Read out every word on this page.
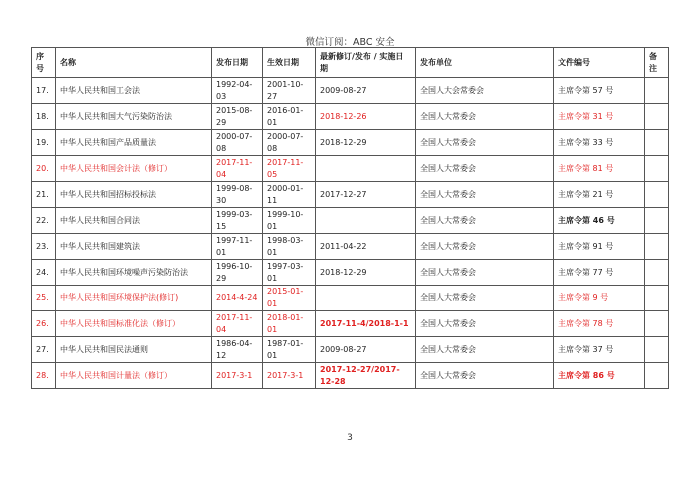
微信订阅：ABC 安全
序号	名称	发布日期	生效日期	最新修订/发布 / 实施日期	发布单位	文件编号	备注
17.	中华人民共和国工会法	1992-04-03	2001-10-27	2009-08-27	全国人大会常委会	主席令第 57 号	
18.	中华人民共和国大气污染防治法	2015-08-29	2016-01-01	2018-12-26	全国人大常委会	主席令第 31 号	
19.	中华人民共和国产品质量法	2000-07-08	2000-07-08	2018-12-29	全国人大常委会	主席令第 33 号	
20.	中华人民共和国会计法（修订）	2017-11-04	2017-11-05		全国人大常委会	主席令第 81 号	
21.	中华人民共和国招标投标法	1999-08-30	2000-01-11	2017-12-27	全国人大常委会	主席令第 21 号	
22.	中华人民共和国合同法	1999-03-15	1999-10-01		全国人大常委会	主席令第 46 号	
23.	中华人民共和国建筑法	1997-11-01	1998-03-01	2011-04-22	全国人大常委会	主席令第 91 号	
24.	中华人民共和国环境噪声污染防治法	1996-10-29	1997-03-01	2018-12-29	全国人大常委会	主席令第 77 号	
25.	中华人民共和国环境保护法(修订)	2014-4-24	2015-01-01		全国人大常委会	主席令第 9 号	
26.	中华人民共和国标准化法（修订）	2017-11-04	2018-01-01	2017-11-4/2018-1-1	全国人大常委会	主席令第 78 号	
27.	中华人民共和国民法通则	1986-04-12	1987-01-01	2009-08-27	全国人大常委会	主席令第 37 号	
28.	中华人民共和国计量法（修订）	2017-3-1	2017-3-1	2017-12-27/2017-12-28	全国人大常委会	主席令第 86 号	
3
